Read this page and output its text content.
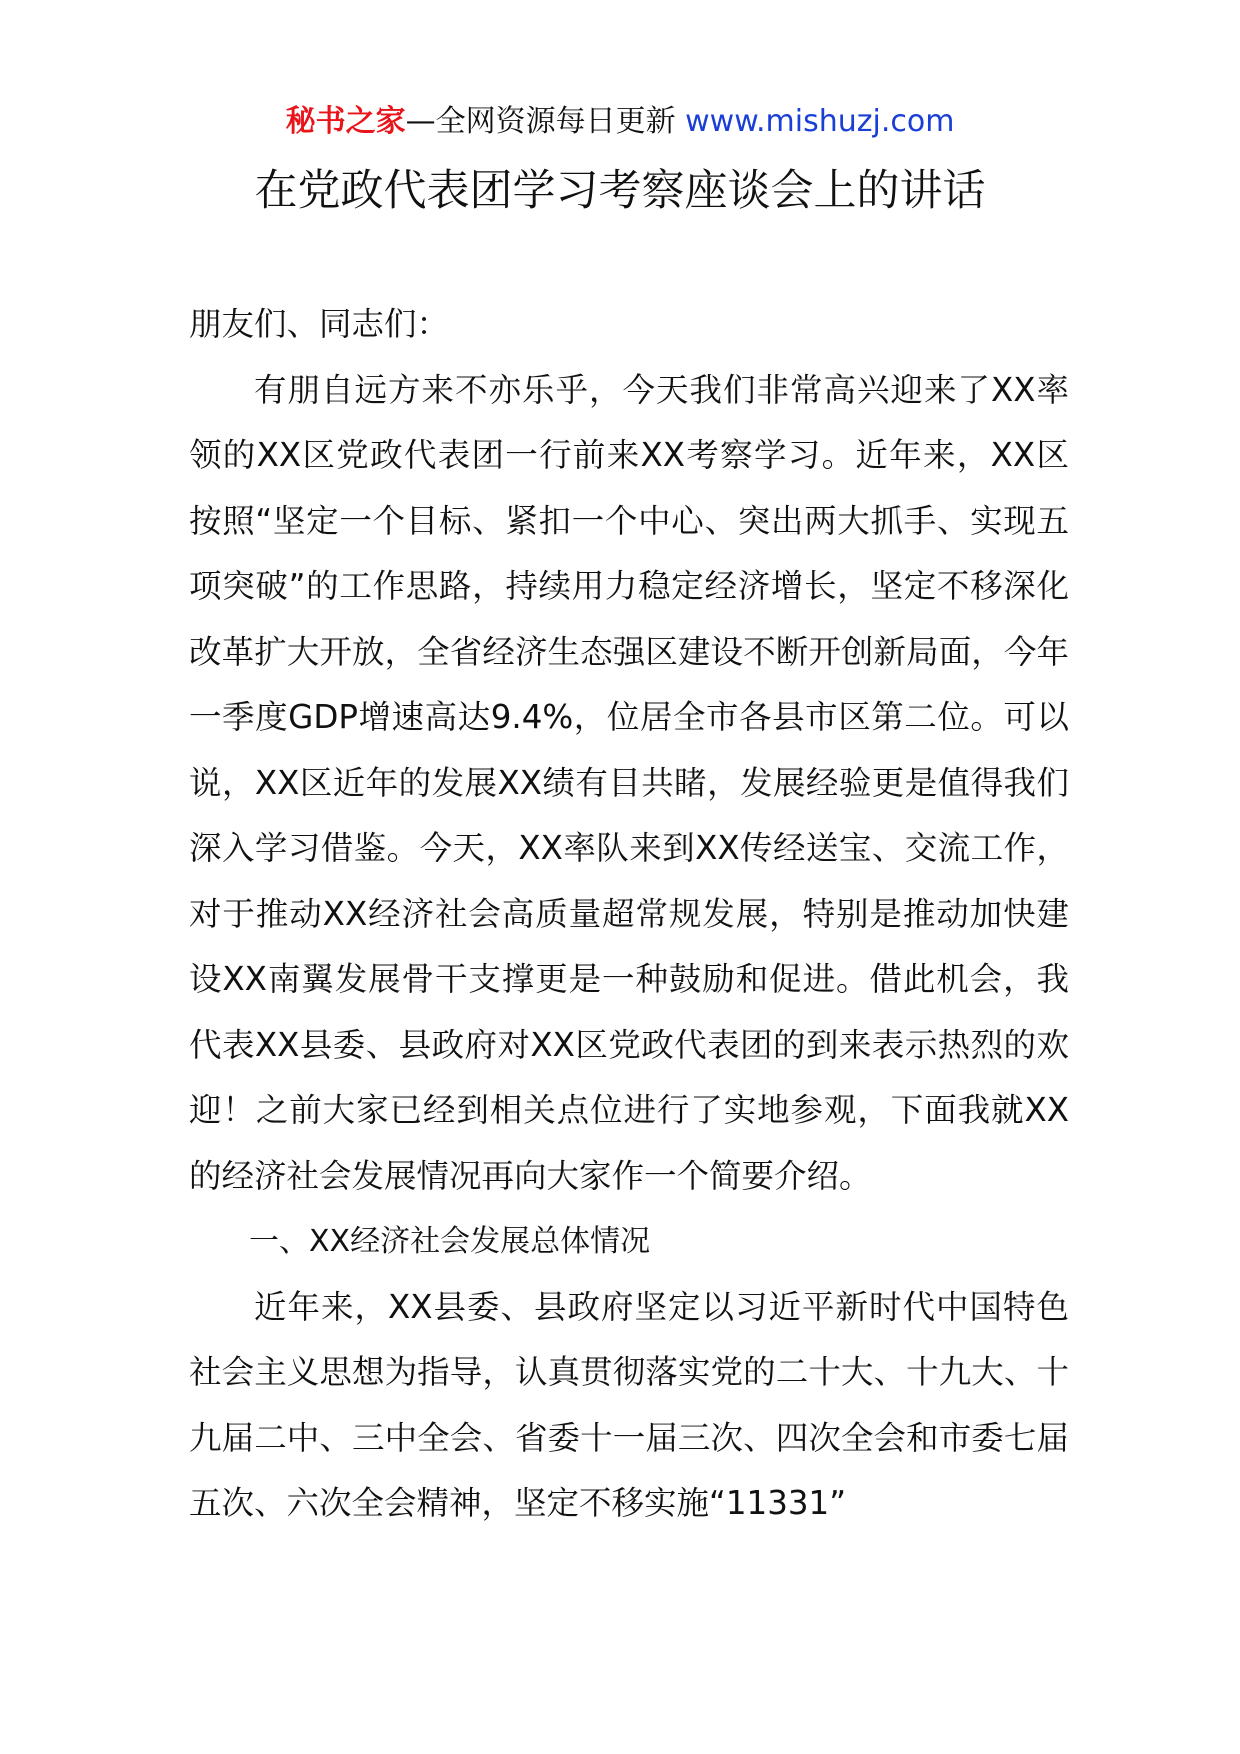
秘书之家—全网资源每日更新 www.mishuzj.com
在党政代表团学习考察座谈会上的讲话

朋友们、同志们：

有朋自远方来不亦乐乎，今天我们非常高兴迎来了XX率领的XX区党政代表团一行前来XX考察学习。近年来，XX区按照“坚定一个目标、紧扣一个中心、突出两大抓手、实现五项突破”的工作思路，持续用力稳定经济增长，坚定不移深化改革扩大开放，全省经济生态强区建设不断开创新局面，今年一季度GDP增速高达9.4%，位居全市各县市区第二位。可以说，XX区近年的发展XX绩有目共睹，发展经验更是值得我们深入学习借鉴。今天，XX率队来到XX传经送宝、交流工作，对于推动XX经济社会高质量超常规发展，特别是推动加快建设XX南翼发展骨干支撑更是一种鼓励和促进。借此机会，我代表XX县委、县政府对XX区党政代表团的到来表示热烈的欢迎！之前大家已经到相关点位进行了实地参观，下面我就XX的经济社会发展情况再向大家作一个简要介绍。

一、XX经济社会发展总体情况

近年来，XX县委、县政府坚定以习近平新时代中国特色社会主义思想为指导，认真贯彻落实党的二十大、十九大、十九届二中、三中全会、省委十一届三次、四次全会和市委七届五次、六次全会精神，坚定不移实施“11331”
